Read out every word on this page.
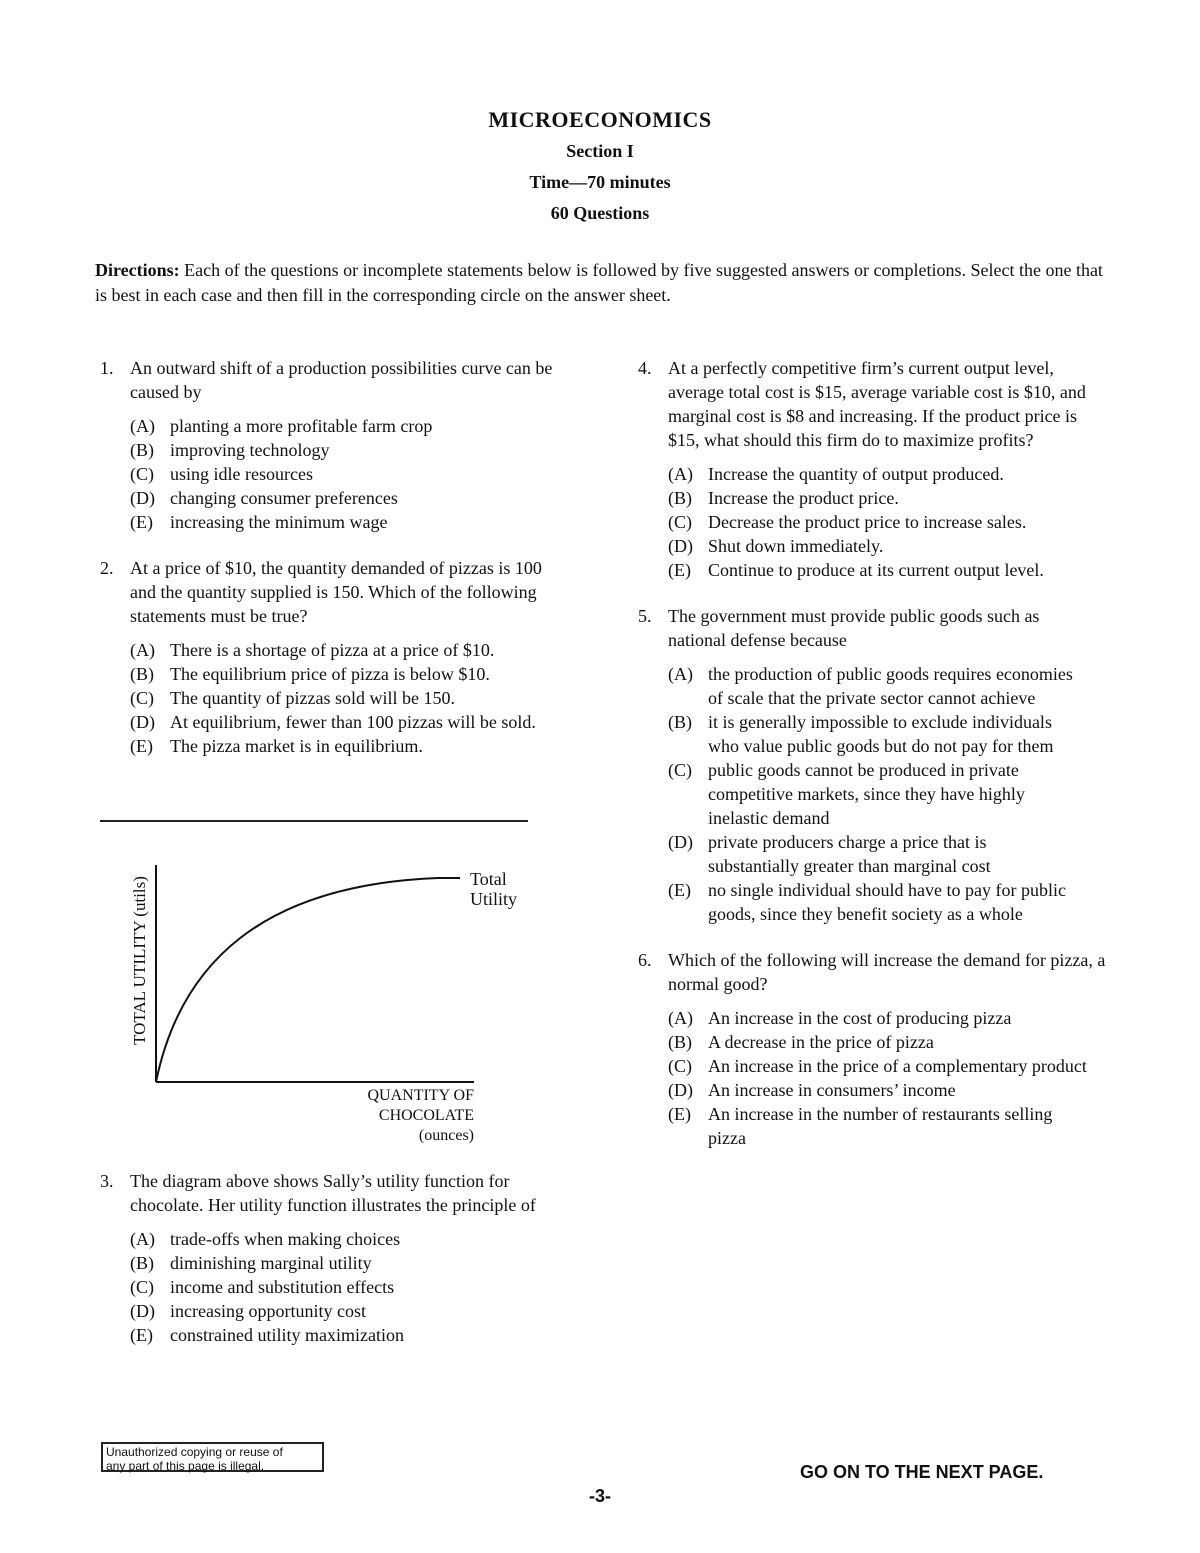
MICROECONOMICS
Section I
Time—70 minutes
60 Questions
Directions: Each of the questions or incomplete statements below is followed by five suggested answers or completions. Select the one that is best in each case and then fill in the corresponding circle on the answer sheet.
1. An outward shift of a production possibilities curve can be caused by
(A) planting a more profitable farm crop
(B) improving technology
(C) using idle resources
(D) changing consumer preferences
(E) increasing the minimum wage
2. At a price of $10, the quantity demanded of pizzas is 100 and the quantity supplied is 150. Which of the following statements must be true?
(A) There is a shortage of pizza at a price of $10.
(B) The equilibrium price of pizza is below $10.
(C) The quantity of pizzas sold will be 150.
(D) At equilibrium, fewer than 100 pizzas will be sold.
(E) The pizza market is in equilibrium.
TOTAL UTILITY (utils)	Total
Utility
QUANTITY OF
CHOCOLATE
(ounces)
3. The diagram above shows Sally’s utility function for chocolate. Her utility function illustrates the principle of
(A) trade-offs when making choices
(B) diminishing marginal utility
(C) income and substitution effects
(D) increasing opportunity cost
(E) constrained utility maximization
4. At a perfectly competitive firm’s current output level, average total cost is $15, average variable cost is $10, and marginal cost is $8 and increasing. If the product price is $15, what should this firm do to maximize profits?
(A) Increase the quantity of output produced.
(B) Increase the product price.
(C) Decrease the product price to increase sales.
(D) Shut down immediately.
(E) Continue to produce at its current output level.
5. The government must provide public goods such as national defense because
(A) the production of public goods requires economies of scale that the private sector cannot achieve
(B) it is generally impossible to exclude individuals who value public goods but do not pay for them
(C) public goods cannot be produced in private competitive markets, since they have highly inelastic demand
(D) private producers charge a price that is substantially greater than marginal cost
(E) no single individual should have to pay for public goods, since they benefit society as a whole
6. Which of the following will increase the demand for pizza, a normal good?
(A) An increase in the cost of producing pizza
(B) A decrease in the price of pizza
(C) An increase in the price of a complementary product
(D) An increase in consumers’ income
(E) An increase in the number of restaurants selling pizza
Unauthorized copying or reuse of
any part of this page is illegal.	GO ON TO THE NEXT PAGE.
-3-
